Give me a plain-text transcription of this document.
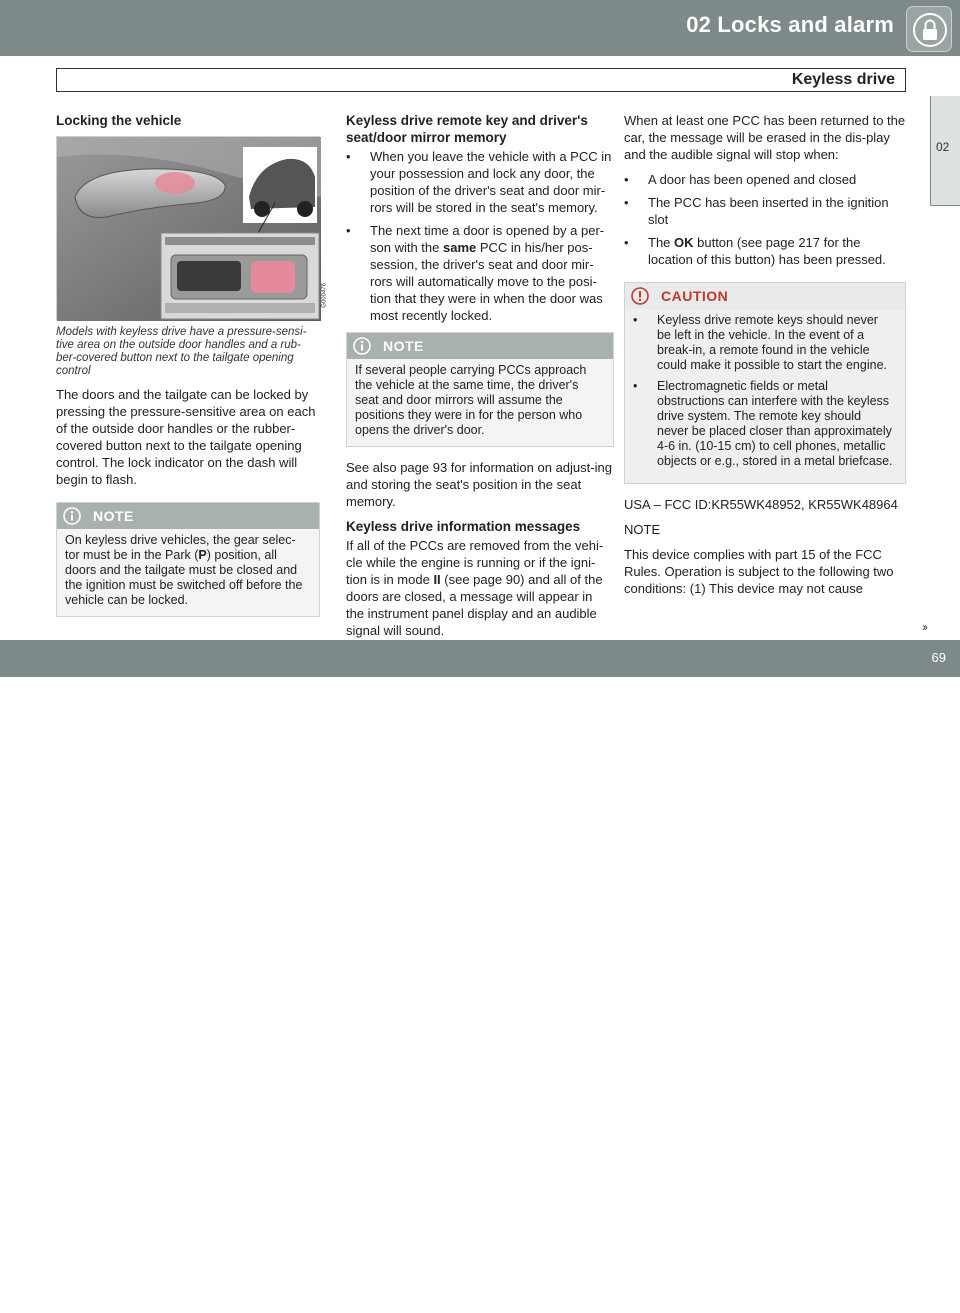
02 Locks and alarm
Keyless drive
02
Locking the vehicle
G000476
Models with keyless drive have a pressure-sensi-tive area on the outside door handles and a rub-ber-covered button next to the tailgate opening control

The doors and the tailgate can be locked by pressing the pressure-sensitive area on each of the outside door handles or the rubber-covered button next to the tailgate opening control. The lock indicator on the dash will begin to flash.

NOTE
On keyless drive vehicles, the gear selec-tor must be in the Park (P) position, all doors and the tailgate must be closed and the ignition must be switched off before the vehicle can be locked.
Keyless drive remote key and driver's seat/door mirror memory
• When you leave the vehicle with a PCC in your possession and lock any door, the position of the driver's seat and door mir-rors will be stored in the seat's memory.
• The next time a door is opened by a per-son with the same PCC in his/her pos-session, the driver's seat and door mir-rors will automatically move to the posi-tion that they were in when the door was most recently locked.
NOTE
If several people carrying PCCs approach the vehicle at the same time, the driver's seat and door mirrors will assume the positions they were in for the person who opens the driver's door.

See also page 93 for information on adjust-ing and storing the seat's position in the seat memory.

Keyless drive information messages

If all of the PCCs are removed from the vehi-cle while the engine is running or if the igni-tion is in mode II (see page 90) and all of the doors are closed, a message will appear in the instrument panel display and an audible signal will sound.

When at least one PCC has been returned to the car, the message will be erased in the dis-play and the audible signal will stop when:

• A door has been opened and closed
• The PCC has been inserted in the ignition slot
• The OK button (see page 217 for the location of this button) has been pressed.
CAUTION
• Keyless drive remote keys should never be left in the vehicle. In the event of a break-in, a remote found in the vehicle could make it possible to start the engine.
• Electromagnetic fields or metal obstructions can interfere with the keyless drive system. The remote key should never be placed closer than approximately 4-6 in. (10-15 cm) to cell phones, metallic objects or e.g., stored in a metal briefcase.

USA – FCC ID:KR55WK48952, KR55WK48964

NOTE

This device complies with part 15 of the FCC Rules. Operation is subject to the following two conditions: (1) This device may not cause

››
carmanualsonline.info
69
